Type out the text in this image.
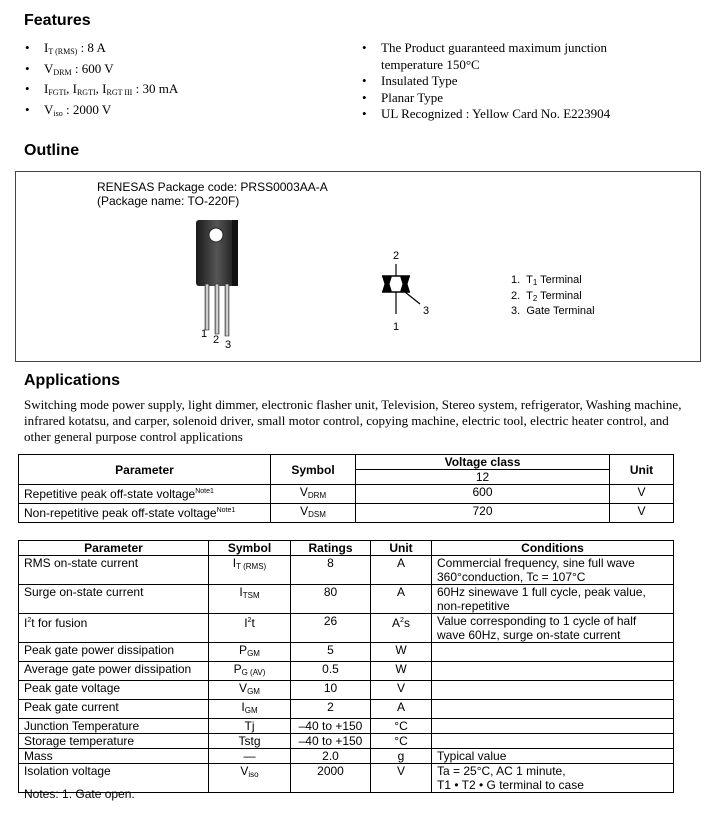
Features
• $I_{T (RMS)}$ : 8 A
• $V_{DRM}$ : 600 V
• $I_{FGTI}$, $I_{RGTI}$, $I_{RGT III}$ : 30 mA
• $V_{iso}$ : 2000 V
• The Product guaranteed maximum junction
temperature 150°C
• Insulated Type
• Planar Type
• UL Recognized : Yellow Card No. E223904
Outline
RENESAS Package code: PRSS0003AA-A
(Package name: TO-220F)
1 2 3
2
1
3
1. $T_1$ Terminal
2. $T_2$ Terminal
3. Gate Terminal
Applications
Switching mode power supply, light dimmer, electronic flasher unit, Television, Stereo system, refrigerator, Washing machine, infrared kotatsu, and carper, solenoid driver, small motor control, copying machine, electric tool, electric heater control, and other general purpose control applications
Parameter	Symbol	Voltage class	Unit
		12	
Repetitive peak off-state voltage$^{Note1}$	$V_{DRM}$	600	V
Non-repetitive peak off-state voltage$^{Note1}$	$V_{DSM}$	720	V
Parameter	Symbol	Ratings	Unit	Conditions
RMS on-state current	$I_{T (RMS)}$	8	A	Commercial frequency, sine full wave
360°conduction, Tc = 107°C

Surge on-state current	$I_{TSM}$	80	A	60Hz sinewave 1 full cycle, peak value,
non-repetitive

$I^2t$ for fusion	$I^2t$	26	$A^2s$	Value corresponding to 1 cycle of half
wave 60Hz, surge on-state current

Peak gate power dissipation	$P_{GM}$	5	W	
Average gate power dissipation	$P_{G (AV)}$	0.5	W	
Peak gate voltage	$V_{GM}$	10	V	
Peak gate current	$I_{GM}$	2	A	
Junction Temperature	Tj	–40 to +150	°C	
Storage temperature	Tstg	–40 to +150	°C	
Mass	—	2.0	g	Typical value
Isolation voltage	$V_{iso}$	2000	V	Ta = 25°C, AC 1 minute,
T1 • T2 • G terminal to case
Notes: 1. Gate open.
